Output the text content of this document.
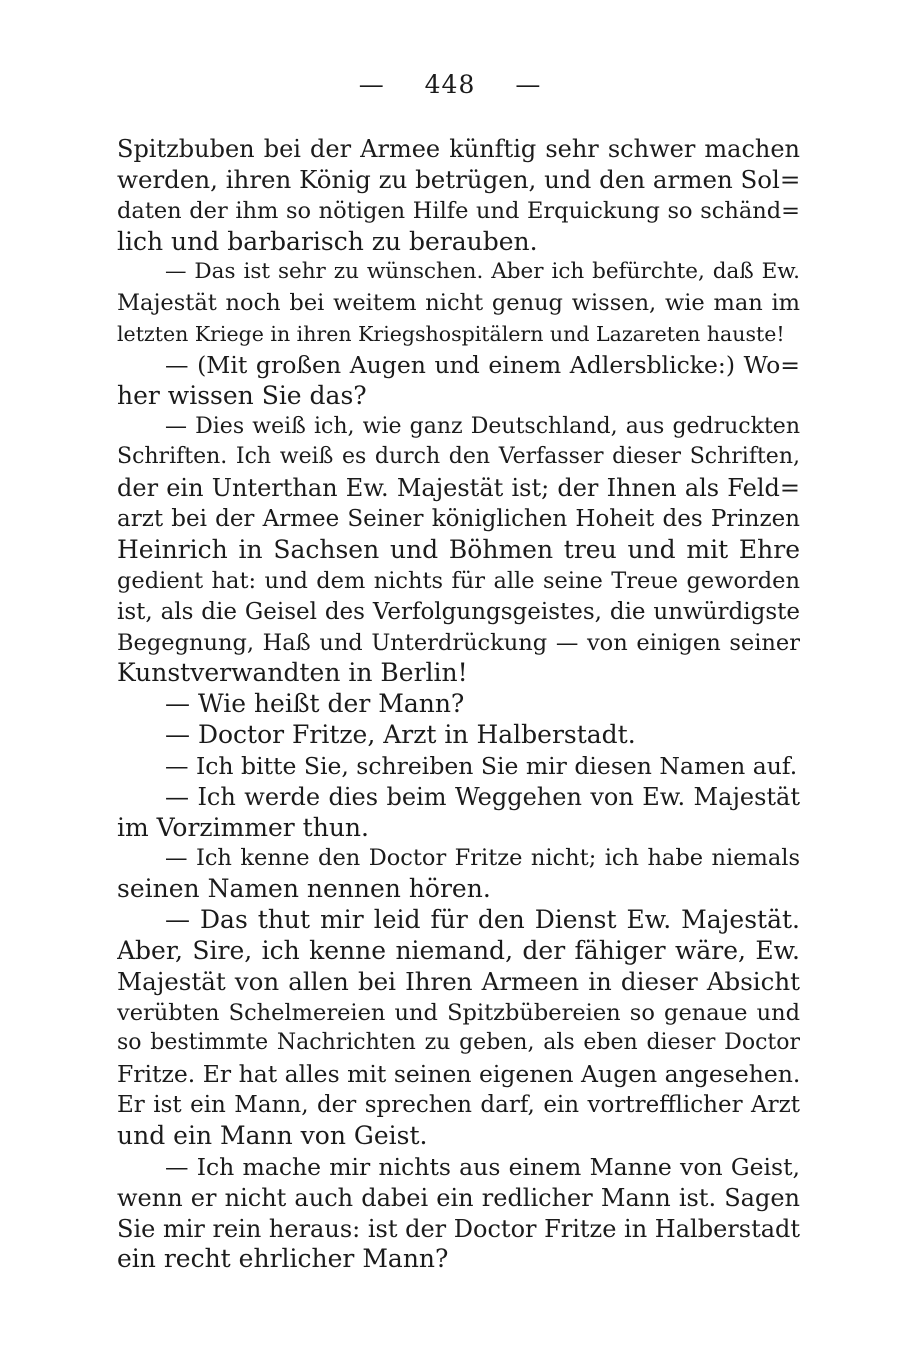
— 448 —
Spitzbuben bei der Armee künftig sehr schwer machen
werden, ihren König zu betrügen, und den armen Sol=
daten der ihm so nötigen Hilfe und Erquickung so schänd=
lich und barbarisch zu berauben.
— Das ist sehr zu wünschen. Aber ich befürchte, daß Ew.
Majestät noch bei weitem nicht genug wissen, wie man im
letzten Kriege in ihren Kriegshospitälern und Lazareten hauste!
— (Mit großen Augen und einem Adlersblicke:) Wo=
her wissen Sie das?
— Dies weiß ich, wie ganz Deutschland, aus gedruckten
Schriften. Ich weiß es durch den Verfasser dieser Schriften,
der ein Unterthan Ew. Majestät ist; der Ihnen als Feld=
arzt bei der Armee Seiner königlichen Hoheit des Prinzen
Heinrich in Sachsen und Böhmen treu und mit Ehre
gedient hat: und dem nichts für alle seine Treue geworden
ist, als die Geisel des Verfolgungsgeistes, die unwürdigste
Begegnung, Haß und Unterdrückung — von einigen seiner
Kunstverwandten in Berlin!
— Wie heißt der Mann?
— Doctor Fritze, Arzt in Halberstadt.
— Ich bitte Sie, schreiben Sie mir diesen Namen auf.
— Ich werde dies beim Weggehen von Ew. Majestät
im Vorzimmer thun.
— Ich kenne den Doctor Fritze nicht; ich habe niemals
seinen Namen nennen hören.
— Das thut mir leid für den Dienst Ew. Majestät.
Aber, Sire, ich kenne niemand, der fähiger wäre, Ew.
Majestät von allen bei Ihren Armeen in dieser Absicht
verübten Schelmereien und Spitzbübereien so genaue und
so bestimmte Nachrichten zu geben, als eben dieser Doctor
Fritze. Er hat alles mit seinen eigenen Augen angesehen.
Er ist ein Mann, der sprechen darf, ein vortrefflicher Arzt
und ein Mann von Geist.
— Ich mache mir nichts aus einem Manne von Geist,
wenn er nicht auch dabei ein redlicher Mann ist. Sagen
Sie mir rein heraus: ist der Doctor Fritze in Halberstadt
ein recht ehrlicher Mann?
